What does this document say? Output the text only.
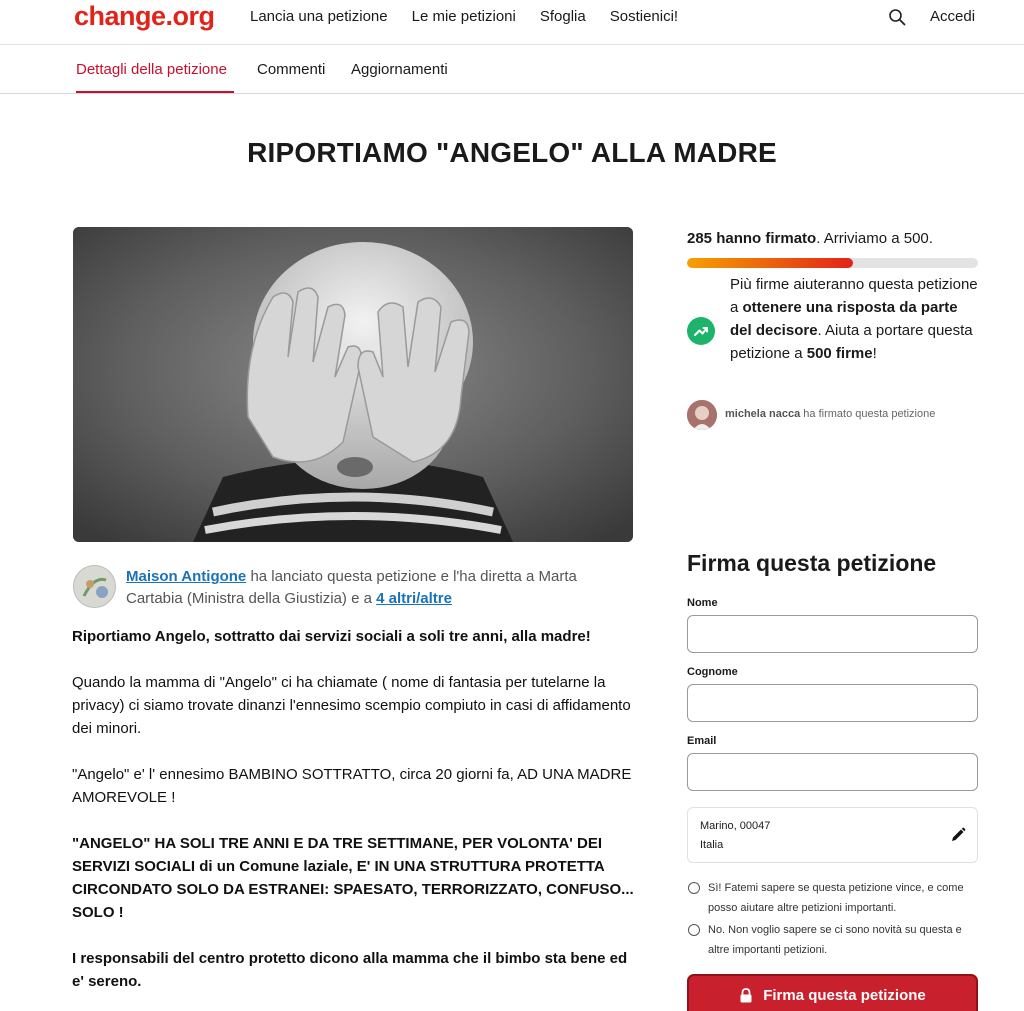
change.org Lancia una petizione Le mie petizioni Sfoglia Sostienici!	Accedi
Dettagli della petizione Commenti Aggiornamenti
RIPORTIAMO "ANGELO" ALLA MADRE
Maison Antigone ha lanciato questa petizione e l'ha diretta a Marta Cartabia (Ministra della Giustizia) e a 4 altri/altre

Riportiamo Angelo, sottratto dai servizi sociali a soli tre anni, alla madre!

Quando la mamma di "Angelo" ci ha chiamate ( nome di fantasia per tutelarne la privacy) ci siamo trovate dinanzi l'ennesimo scempio compiuto in casi di affidamento dei minori.

"Angelo" e' l' ennesimo BAMBINO SOTTRATTO, circa 20 giorni fa, AD UNA MADRE AMOREVOLE !

"ANGELO" HA SOLI TRE ANNI E DA TRE SETTIMANE, PER VOLONTA' DEI SERVIZI SOCIALI di un Comune laziale, E' IN UNA STRUTTURA PROTETTA CIRCONDATO SOLO DA ESTRANEI: SPAESATO, TERRORIZZATO, CONFUSO... SOLO !

I responsabili del centro protetto dicono alla mamma che il bimbo sta bene ed e' sereno.

285 hanno firmato. Arriviamo a 500.
Più firme aiuteranno questa petizione a ottenere una risposta da parte del decisore. Aiuta a portare questa petizione a 500 firme!
michela nacca ha firmato questa petizione
Firma questa petizione
Nome
Cognome
Email
Marino, 00047
Italia
Sì! Fatemi sapere se questa petizione vince, e come posso aiutare altre petizioni importanti.
No. Non voglio sapere se ci sono novità su questa e altre importanti petizioni.
Firma questa petizione
